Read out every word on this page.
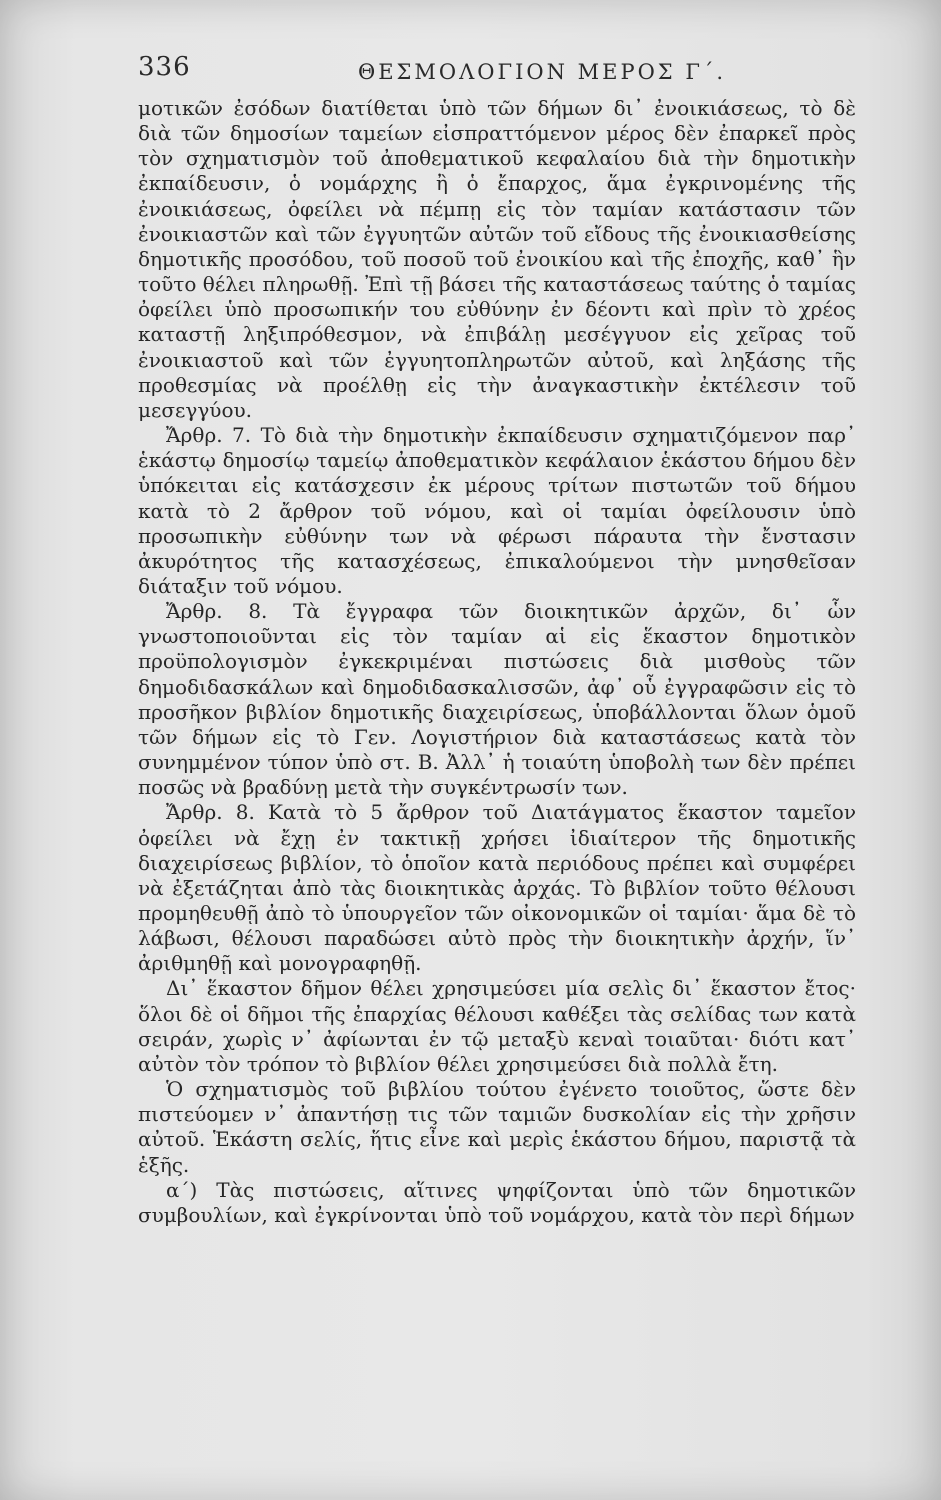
336	ΘΕΣΜΟΛΟΓΙΟΝ ΜΕΡΟΣ Γ΄.

μοτικῶν ἐσόδων διατίθεται ὑπὸ τῶν δήμων δι᾽ ἐνοικιάσεως, τὸ δὲ διὰ τῶν δημοσίων ταμείων εἰσπραττόμενον μέρος δὲν ἐπαρκεῖ πρὸς τὸν σχηματισμὸν τοῦ ἀποθεματικοῦ κεφαλαίου διὰ τὴν δημοτικὴν ἐκπαίδευσιν, ὁ νομάρχης ἢ ὁ ἔπαρχος, ἅμα ἐγκρινομένης τῆς ἐνοικιάσεως, ὀφείλει νὰ πέμπῃ εἰς τὸν ταμίαν κατάστασιν τῶν ἐνοικιαστῶν καὶ τῶν ἐγγυητῶν αὐτῶν τοῦ εἴδους τῆς ἐνοικιασθείσης δημοτικῆς προσόδου, τοῦ ποσοῦ τοῦ ἐνοικίου καὶ τῆς ἐποχῆς, καθ᾽ ἣν τοῦτο θέλει πληρωθῇ. Ἐπὶ τῇ βάσει τῆς καταστάσεως ταύτης ὁ ταμίας ὀφείλει ὑπὸ προσωπικήν του εὐθύνην ἐν δέοντι καὶ πρὶν τὸ χρέος καταστῇ ληξιπρόθεσμον, νὰ ἐπιβάλῃ μεσέγγυον εἰς χεῖρας τοῦ ἐνοικιαστοῦ καὶ τῶν ἐγγυητοπληρωτῶν αὐτοῦ, καὶ ληξάσης τῆς προθεσμίας νὰ προέλθῃ εἰς τὴν ἀναγκαστικὴν ἐκτέλεσιν τοῦ μεσεγγύου.

Ἄρθρ. 7. Τὸ διὰ τὴν δημοτικὴν ἐκπαίδευσιν σχηματιζόμενον παρ᾽ ἑκάστῳ δημοσίῳ ταμείῳ ἀποθεματικὸν κεφάλαιον ἑκάστου δήμου δὲν ὑπόκειται εἰς κατάσχεσιν ἐκ μέρους τρίτων πιστωτῶν τοῦ δήμου κατὰ τὸ 2 ἄρθρον τοῦ νόμου, καὶ οἱ ταμίαι ὀφείλουσιν ὑπὸ προσωπικὴν εὐθύνην των νὰ φέρωσι πάραυτα τὴν ἔνστασιν ἀκυρότητος τῆς κατασχέσεως, ἐπικαλούμενοι τὴν μνησθεῖσαν διάταξιν τοῦ νόμου.

Ἄρθρ. 8. Τὰ ἔγγραφα τῶν διοικητικῶν ἀρχῶν, δι᾽ ὧν γνωστοποιοῦνται εἰς τὸν ταμίαν αἱ εἰς ἕκαστον δημοτικὸν προϋπολογισμὸν ἐγκεκριμέναι πιστώσεις διὰ μισθοὺς τῶν δημοδιδασκάλων καὶ δημοδιδασκαλισσῶν, ἀφ᾽ οὗ ἐγγραφῶσιν εἰς τὸ προσῆκον βιβλίον δημοτικῆς διαχειρίσεως, ὑποβάλλονται ὅλων ὁμοῦ τῶν δήμων εἰς τὸ Γεν. Λογιστήριον διὰ καταστάσεως κατὰ τὸν συνημμένον τύπον ὑπὸ στ. Β. Ἀλλ᾽ ἡ τοιαύτη ὑποβολὴ των δὲν πρέπει ποσῶς νὰ βραδύνῃ μετὰ τὴν συγκέντρωσίν των.

Ἄρθρ. 8. Κατὰ τὸ 5 ἄρθρον τοῦ Διατάγματος ἕκαστον ταμεῖον ὀφείλει νὰ ἔχῃ ἐν τακτικῇ χρήσει ἰδιαίτερον τῆς δημοτικῆς διαχειρίσεως βιβλίον, τὸ ὁποῖον κατὰ περιόδους πρέπει καὶ συμφέρει νὰ ἐξετάζηται ἀπὸ τὰς διοικητικὰς ἀρχάς. Τὸ βιβλίον τοῦτο θέλουσι προμηθευθῇ ἀπὸ τὸ ὑπουργεῖον τῶν οἰκονομικῶν οἱ ταμίαι· ἅμα δὲ τὸ λάβωσι, θέλουσι παραδώσει αὐτὸ πρὸς τὴν διοικητικὴν ἀρχήν, ἵν᾽ ἀριθμηθῇ καὶ μονογραφηθῇ.

Δι᾽ ἕκαστον δῆμον θέλει χρησιμεύσει μία σελὶς δι᾽ ἕκαστον ἔτος· ὅλοι δὲ οἱ δῆμοι τῆς ἐπαρχίας θέλουσι καθέξει τὰς σελίδας των κατὰ σειράν, χωρὶς ν᾽ ἀφίωνται ἐν τῷ μεταξὺ κεναὶ τοιαῦται· διότι κατ᾽ αὐτὸν τὸν τρόπον τὸ βιβλίον θέλει χρησιμεύσει διὰ πολλὰ ἔτη.

Ὁ σχηματισμὸς τοῦ βιβλίου τούτου ἐγένετο τοιοῦτος, ὥστε δὲν πιστεύομεν ν᾽ ἀπαντήσῃ τις τῶν ταμιῶν δυσκολίαν εἰς τὴν χρῆσιν αὐτοῦ. Ἑκάστη σελίς, ἥτις εἶνε καὶ μερὶς ἑκάστου δήμου, παριστᾷ τὰ ἑξῆς.

α΄) Τὰς πιστώσεις, αἵτινες ψηφίζονται ὑπὸ τῶν δημοτικῶν συμβουλίων, καὶ ἐγκρίνονται ὑπὸ τοῦ νομάρχου, κατὰ τὸν περὶ δήμων
